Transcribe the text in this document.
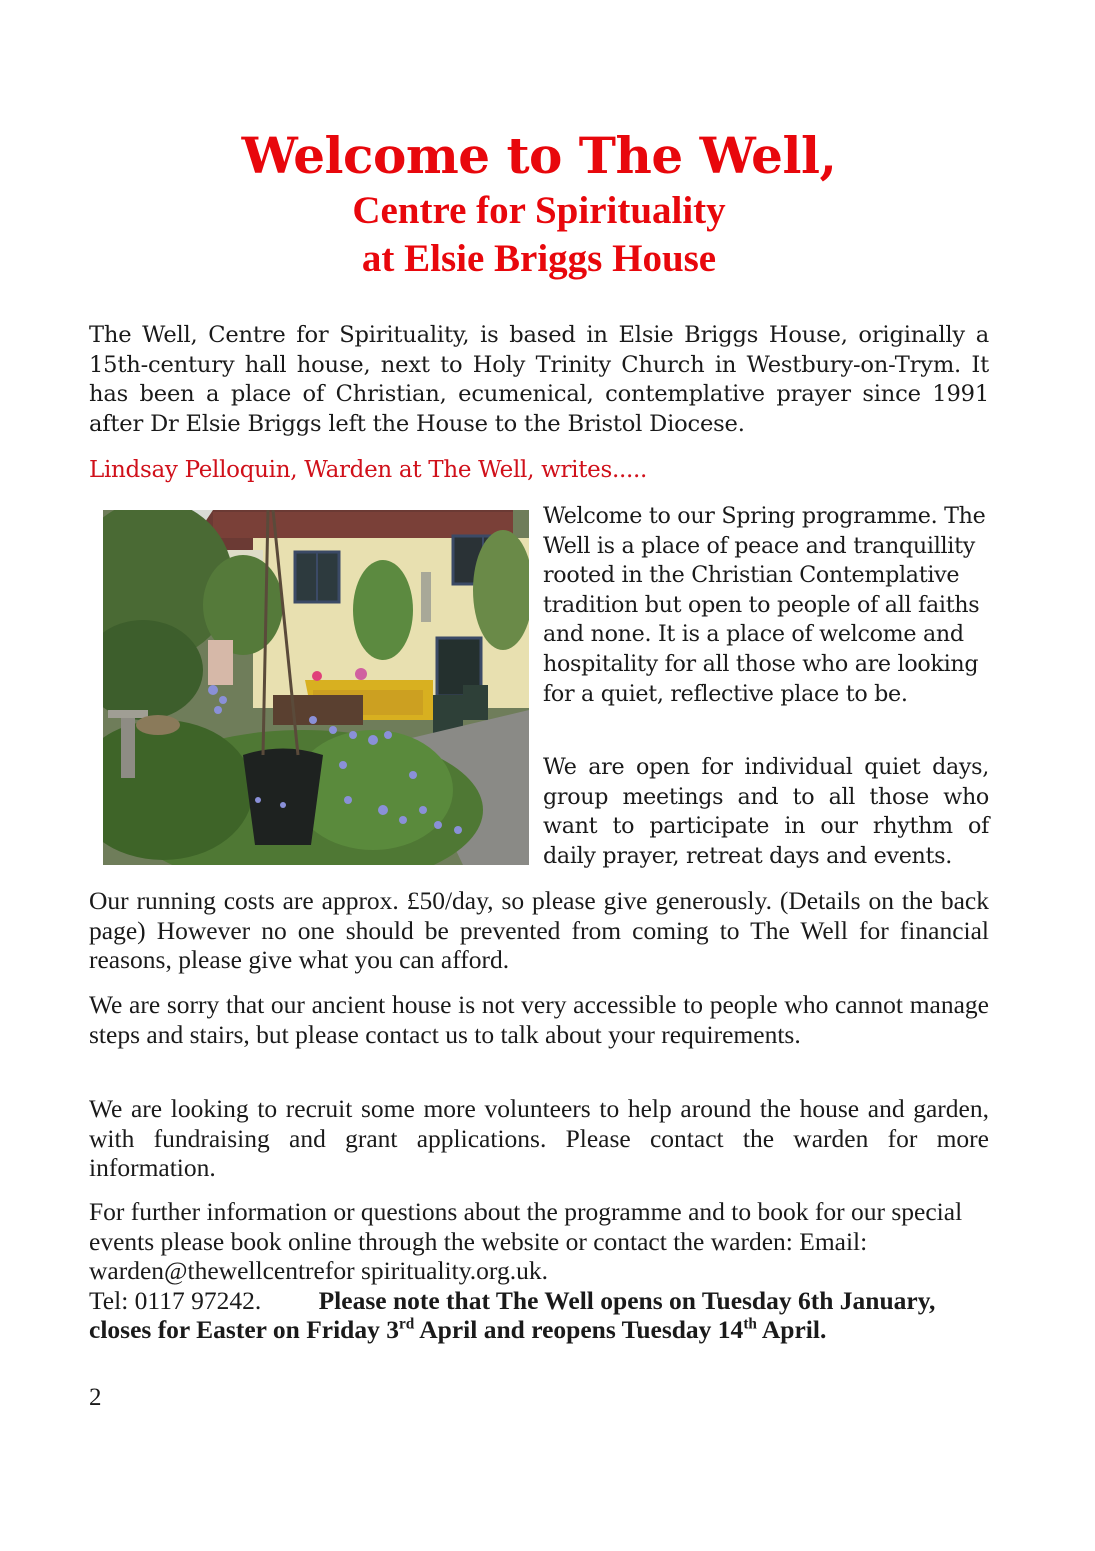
Welcome to The Well,
Centre for Spirituality
at Elsie Briggs House

The Well, Centre for Spirituality, is based in Elsie Briggs House, originally a 15th-century hall house, next to Holy Trinity Church in Westbury-on-Trym. It has been a place of Christian, ecumenical, contemplative prayer since 1991 after Dr Elsie Briggs left the House to the Bristol Diocese.

Lindsay Pelloquin, Warden at The Well, writes.....

Welcome to our Spring programme. The Well is a place of peace and tranquillity rooted in the Christian Contemplative tradition but open to people of all faiths and none. It is a place of welcome and hospitality for all those who are looking for a quiet, reflective place to be.

We are open for individual quiet days, group meetings and to all those who want to participate in our rhythm of daily prayer, retreat days and events.

Our running costs are approx. £50/day, so please give generously. (Details on the back page) However no one should be prevented from coming to The Well for financial reasons, please give what you can afford.

We are sorry that our ancient house is not very accessible to people who cannot manage steps and stairs, but please contact us to talk about your requirements.

We are looking to recruit some more volunteers to help around the house and garden, with fundraising and grant applications. Please contact the warden for more information.

For further information or questions about the programme and to book for our special events please book online through the website or contact the warden: Email: warden@thewellcentrefor spirituality.org.uk.
Tel: 0117 97242. Please note that The Well opens on Tuesday 6th January, closes for Easter on Friday 3rd April and reopens Tuesday 14th April.

2
